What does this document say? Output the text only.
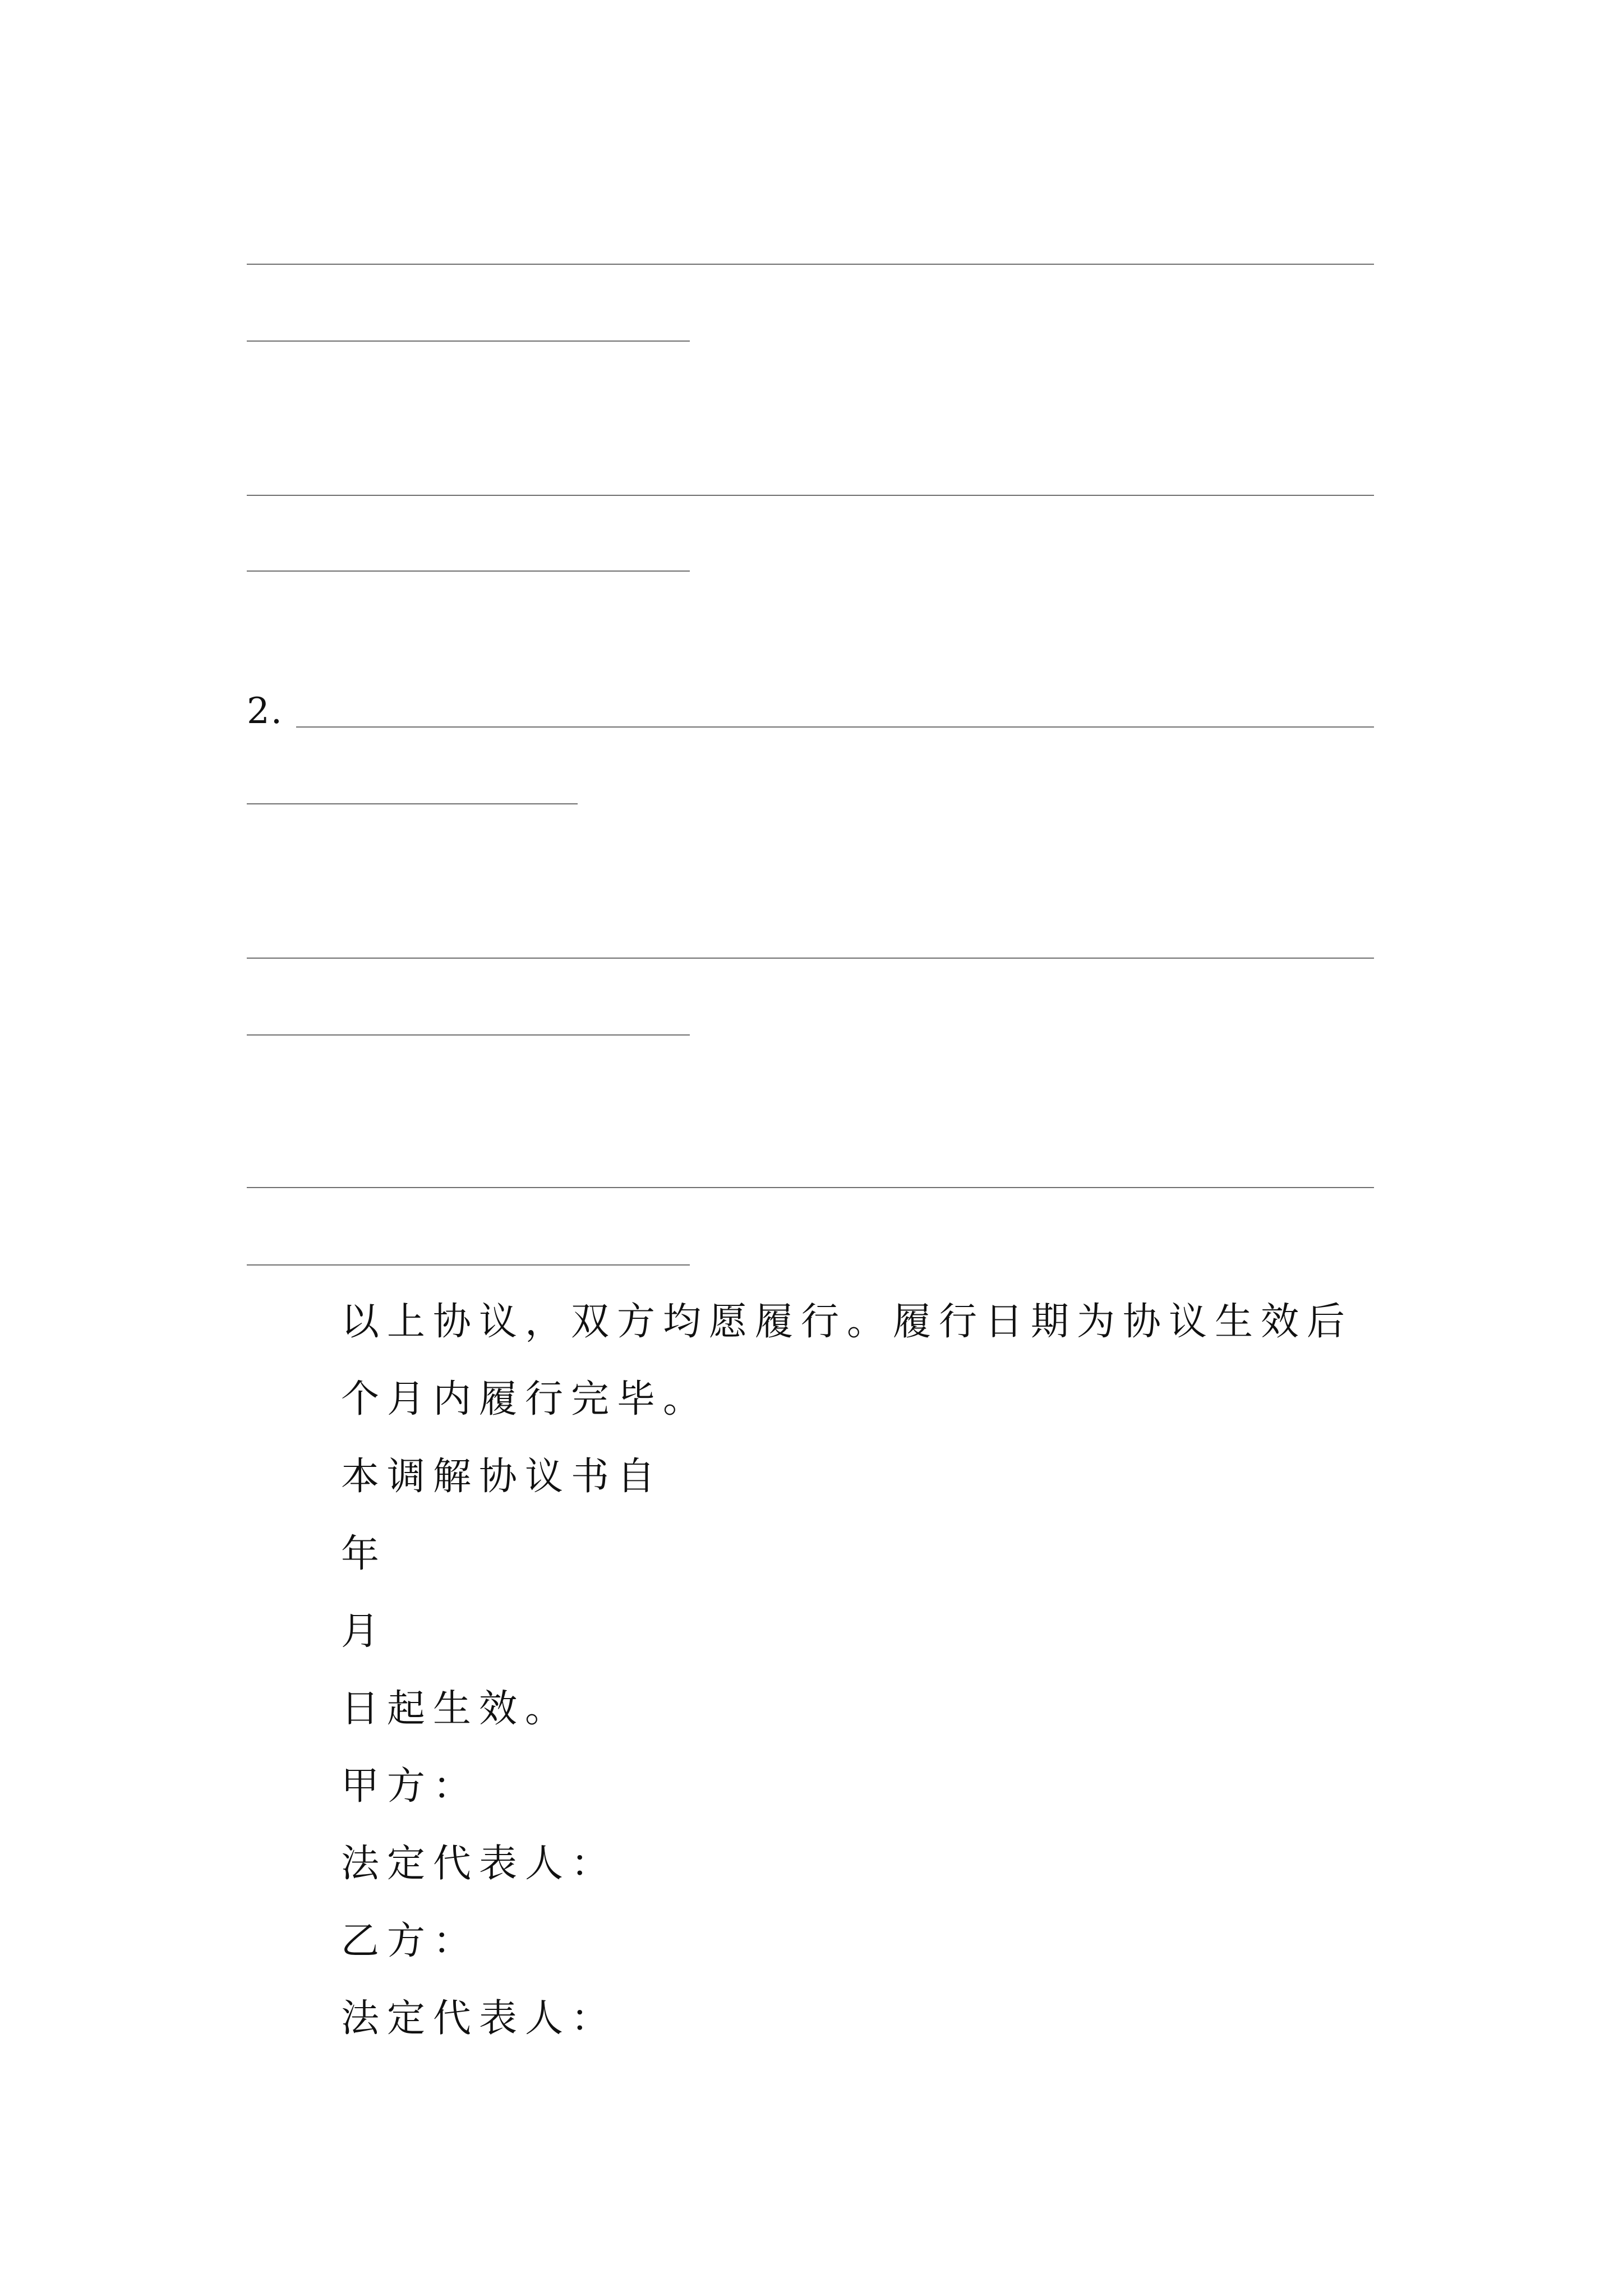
2.
以上协议，双方均愿履行。履行日期为协议生效后
个月内履行完毕。
本调解协议书自
年
月
日起生效。
甲方：
法定代表人：
乙方：
法定代表人：
